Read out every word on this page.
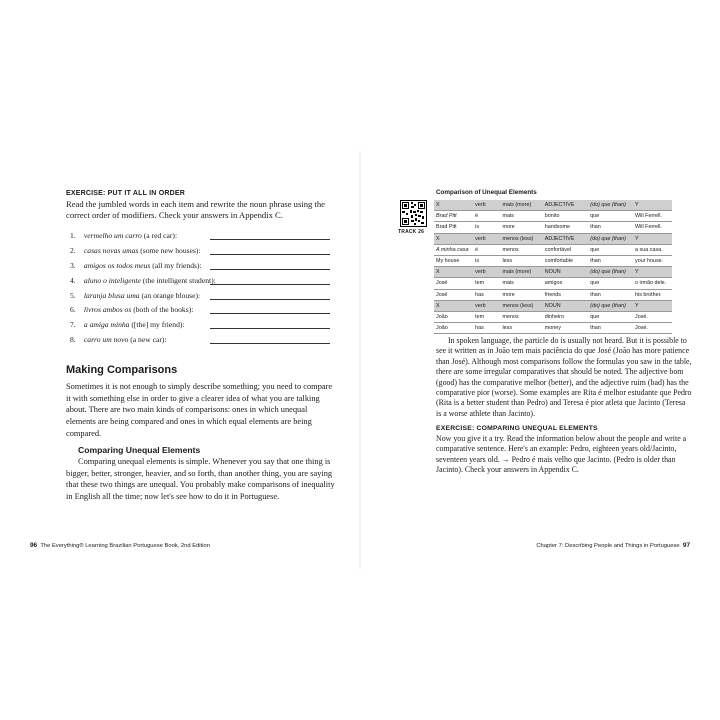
EXERCISE: PUT IT ALL IN ORDER
Read the jumbled words in each item and rewrite the noun phrase using the correct order of modifiers. Check your answers in Appendix C.
1. vermelho um carro (a red car):
2. casas novas umas (some new houses):
3. amigos os todos meus (all my friends):
4. aluno o inteligente (the intelligent student):
5. laranja blusa uma (an orange blouse):
6. livros ambos os (both of the books):
7. a amiga minha ([the] my friend):
8. carro um novo (a new car):
Making Comparisons

Sometimes it is not enough to simply describe something; you need to compare it with something else in order to give a clearer idea of what you are talking about. There are two main kinds of comparisons: ones in which unequal elements are being compared and ones in which equal elements are being compared.

Comparing Unequal Elements

Comparing unequal elements is simple. Whenever you say that one thing is bigger, better, stronger, heavier, and so forth, than another thing, you are saying that these two things are unequal. You probably make comparisons of inequality in English all the time; now let's see how to do it in Portuguese.

96 The Everything® Learning Brazilian Portuguese Book, 2nd Edition
Comparison of Unequal Elements
TRACK 26
X	verb	mais (more)	ADJECTIVE	(do) que (than)	Y
Brad Pitt	é	mais	bonito	que	Will Ferrell.
Brad Pitt	is	more	handsome	than	Will Ferrell.
X	verb	menos (less)	ADJECTIVE	(do) que (than)	Y
A minha casa	é	menos	confortável	que	a sua casa.
My house	is	less	comfortable	than	your house.
X	verb	mais (more)	NOUN	(do) que (than)	Y
José	tem	mais	amigos	que	o irmão dele.
José	has	more	friends	than	his brother.
X	verb	menos (less)	NOUN	(do) que (than)	Y
João	tem	menos	dinheiro	que	José.
João	has	less	money	than	José.

In spoken language, the particle do is usually not heard. But it is possible to see it written as in João tem mais paciência do que José (João has more patience than José). Although most comparisons follow the formulas you saw in the table, there are some irregular comparatives that should be noted. The adjective bom (good) has the comparative melhor (better), and the adjective ruim (bad) has the comparative pior (worse). Some examples are Rita é melhor estudante que Pedro (Rita is a better student than Pedro) and Teresa é pior atleta que Jacinto (Teresa is a worse athlete than Jacinto).

EXERCISE: COMPARING UNEQUAL ELEMENTS

Now you give it a try. Read the information below about the people and write a comparative sentence. Here's an example: Pedro, eighteen years old/Jacinto, seventeen years old. → Pedro é mais velho que Jacinto. (Pedro is older than Jacinto). Check your answers in Appendix C.

Chapter 7: Describing People and Things in Portuguese 97
